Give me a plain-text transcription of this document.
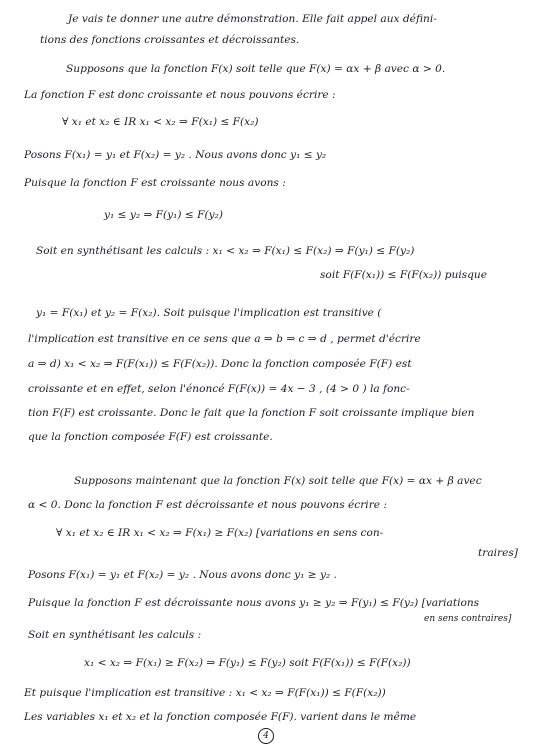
Je vais te donner une autre démonstration. Elle fait appel aux défini-
tions des fonctions croissantes et décroissantes.
Supposons que la fonction F(x) soit telle que F(x) = αx + β avec α > 0.
La fonction F est donc croissante et nous pouvons écrire :
∀ x₁ et x₂ ∈ IR x₁ < x₂ ⇒ F(x₁) ≤ F(x₂)
Posons F(x₁) = y₁ et F(x₂) = y₂ . Nous avons donc y₁ ≤ y₂
Puisque la fonction F est croissante nous avons :
y₁ ≤ y₂ ⇒ F(y₁) ≤ F(y₂)
Soit en synthétisant les calculs : x₁ < x₂ ⇒ F(x₁) ≤ F(x₂) ⇒ F(y₁) ≤ F(y₂)
soit F(F(x₁)) ≤ F(F(x₂)) puisque
y₁ = F(x₁) et y₂ = F(x₂). Soit puisque l'implication est transitive (
l'implication est transitive en ce sens que a ⇒ b ⇒ c ⇒ d , permet d'écrire
a ⇒ d) x₁ < x₂ ⇒ F(F(x₁)) ≤ F(F(x₂)). Donc la fonction composée F(F) est
croissante et en effet, selon l'énoncé F(F(x)) = 4x − 3 , (4 > 0 ) la fonc-
tion F(F) est croissante. Donc le fait que la fonction F soit croissante implique bien
que la fonction composée F(F) est croissante.
Supposons maintenant que la fonction F(x) soit telle que F(x) = αx + β avec
α < 0. Donc la fonction F est décroissante et nous pouvons écrire :
∀ x₁ et x₂ ∈ IR x₁ < x₂ ⇒ F(x₁) ≥ F(x₂) [variations en sens con-
traires]
Posons F(x₁) = y₁ et F(x₂) = y₂ . Nous avons donc y₁ ≥ y₂ .
Puisque la fonction F est décroissante nous avons y₁ ≥ y₂ ⇒ F(y₁) ≤ F(y₂) [variations
en sens contraires]
Soit en synthétisant les calculs :
x₁ < x₂ ⇒ F(x₁) ≥ F(x₂) ⇒ F(y₁) ≤ F(y₂) soit F(F(x₁)) ≤ F(F(x₂))
Et puisque l'implication est transitive : x₁ < x₂ ⇒ F(F(x₁)) ≤ F(F(x₂))
Les variables x₁ et x₂ et la fonction composée F(F). varient dans le même
4
